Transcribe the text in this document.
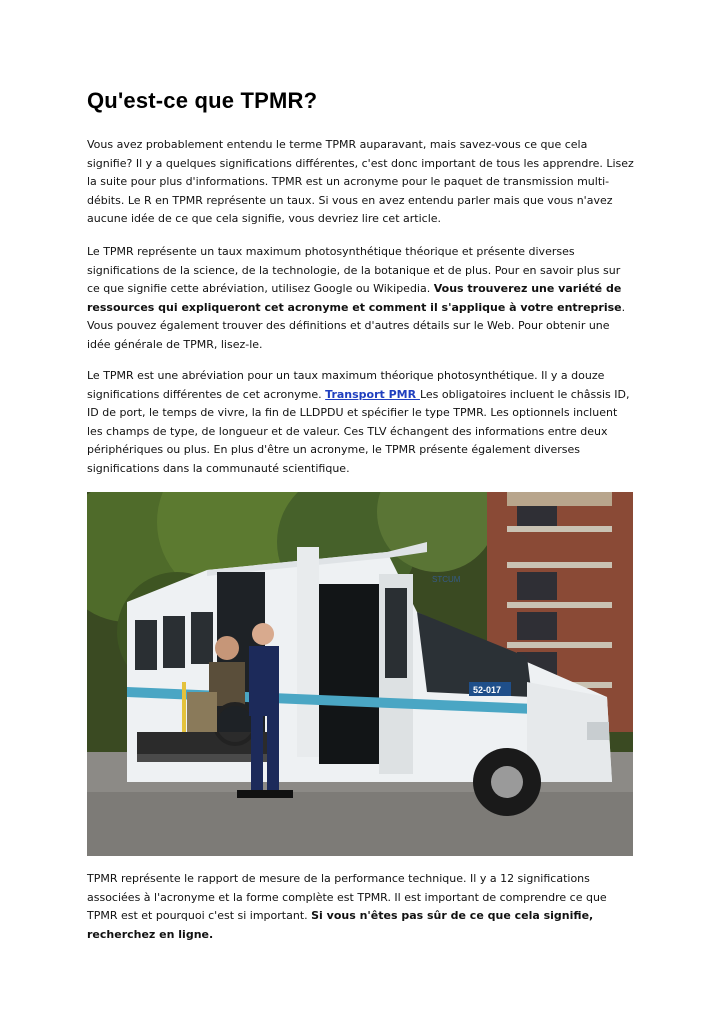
Qu'est-ce que TPMR?

Vous avez probablement entendu le terme TPMR auparavant, mais savez-vous ce que cela signifie? Il y a quelques significations différentes, c'est donc important de tous les apprendre. Lisez la suite pour plus d'informations. TPMR est un acronyme pour le paquet de transmission multi-débits. Le R en TPMR représente un taux. Si vous en avez entendu parler mais que vous n'avez aucune idée de ce que cela signifie, vous devriez lire cet article.

Le TPMR représente un taux maximum photosynthétique théorique et présente diverses significations de la science, de la technologie, de la botanique et de plus. Pour en savoir plus sur ce que signifie cette abréviation, utilisez Google ou Wikipedia. Vous trouverez une variété de ressources qui expliqueront cet acronyme et comment il s'applique à votre entreprise. Vous pouvez également trouver des définitions et d'autres détails sur le Web. Pour obtenir une idée générale de TPMR, lisez-le.

Le TPMR est une abréviation pour un taux maximum théorique photosynthétique. Il y a douze significations différentes de cet acronyme. Transport PMR Les obligatoires incluent le châssis ID, ID de port, le temps de vivre, la fin de LLDPDU et spécifier le type TPMR. Les optionnels incluent les champs de type, de longueur et de valeur. Ces TLV échangent des informations entre deux périphériques ou plus. En plus d'être un acronyme, le TPMR présente également diverses significations dans la communauté scientifique.

52-017
STCUM

TPMR représente le rapport de mesure de la performance technique. Il y a 12 significations associées à l'acronyme et la forme complète est TPMR. Il est important de comprendre ce que TPMR est et pourquoi c'est si important. Si vous n'êtes pas sûr de ce que cela signifie, recherchez en ligne.
